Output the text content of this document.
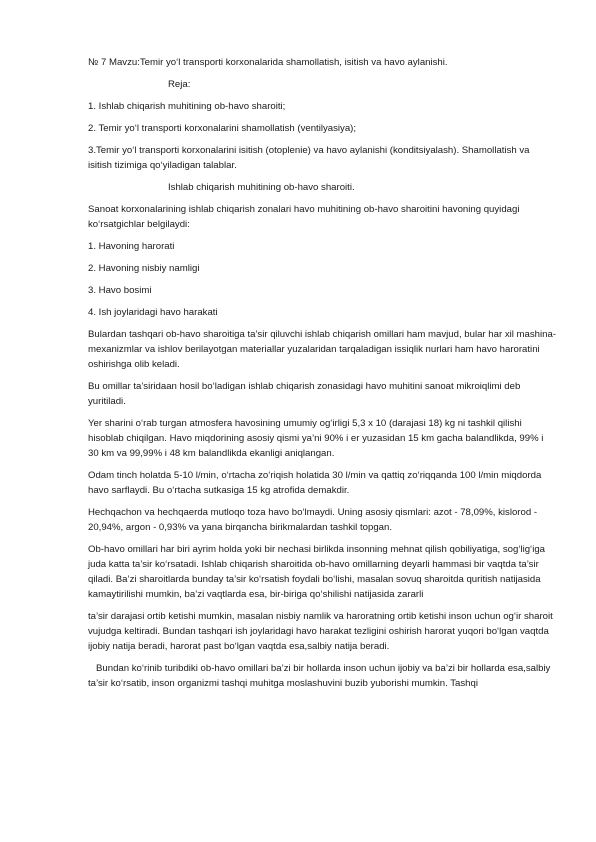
№ 7 Mavzu:Temir yo‘l transporti korxonalarida shamollatish, isitish va havo aylanishi.

Reja:

1. Ishlab chiqarish muhitining ob-havo sharoiti;

2. Temir yo‘l transporti korxonalarini shamollatish (ventilyasiya);

3.Temir yo‘l transporti korxonalarini isitish (otoplenie) va havo aylanishi (konditsiyalash). Shamollatish va isitish tizimiga qo‘yiladigan talablar.

Ishlab chiqarish muhitining ob-havo sharoiti.

Sanoat korxonalarining ishlab chiqarish zonalari havo muhitining ob-havo sharoitini havoning quyidagi ko‘rsatgichlar belgilaydi:

1. Havoning harorati

2. Havoning nisbiy namligi

3. Havo bosimi

4. Ish joylaridagi havo harakati

Bulardan tashqari ob-havo sharoitiga ta’sir qiluvchi ishlab chiqarish omillari ham mavjud, bular har xil mashina-mexanizmlar va ishlov berilayotgan materiallar yuzalaridan tarqaladigan issiqlik nurlari ham havo haroratini oshirishga olib keladi.

Bu omillar ta’siridaan hosil bo‘ladigan ishlab chiqarish zonasidagi havo muhitini sanoat mikroiqlimi deb yuritiladi.

Yer sharini o‘rab turgan atmosfera havosining umumiy og‘irligi 5,3 x 10 (darajasi 18) kg ni tashkil qilishi hisoblab chiqilgan. Havo miqdorining asosiy qismi ya’ni 90% i er yuzasidan 15 km gacha balandlikda, 99% i 30 km va 99,99% i 48 km balandlikda ekanligi aniqlangan.

Odam tinch holatda 5-10 l/min, o‘rtacha zo‘riqish holatida 30 l/min va qattiq zo‘riqqanda 100 l/min miqdorda havo sarflaydi. Bu o‘rtacha sutkasiga 15 kg atrofida demakdir.

Hechqachon va hechqaerda mutloqo toza havo bo‘lmaydi. Uning asosiy qismlari: azot - 78,09%, kislorod - 20,94%, argon - 0,93% va yana birqancha birikmalardan tashkil topgan.

Ob-havo omillari har biri ayrim holda yoki bir nechasi birlikda insonning mehnat qilish qobiliyatiga, sog‘lig‘iga juda katta ta’sir ko‘rsatadi. Ishlab chiqarish sharoitida ob-havo omillarning deyarli hammasi bir vaqtda ta’sir qiladi. Ba’zi sharoitlarda bunday ta’sir ko‘rsatish foydali bo‘lishi, masalan sovuq sharoitda quritish natijasida kamaytirilishi mumkin, ba’zi vaqtlarda esa, bir-biriga qo‘shilishi natijasida zararli

ta’sir darajasi ortib ketishi mumkin, masalan nisbiy namlik va haroratning ortib ketishi inson uchun og‘ir sharoit vujudga keltiradi. Bundan tashqari ish joylaridagi havo harakat tezligini oshirish harorat yuqori bo‘lgan vaqtda ijobiy natija beradi, harorat past bo‘lgan vaqtda esa,salbiy natija beradi.

Bundan ko‘rinib turibdiki ob-havo omillari ba’zi bir hollarda inson uchun ijobiy va ba’zi bir hollarda esa,salbiy ta’sir ko‘rsatib, inson organizmi tashqi muhitga moslashuvini buzib yuborishi mumkin. Tashqi
